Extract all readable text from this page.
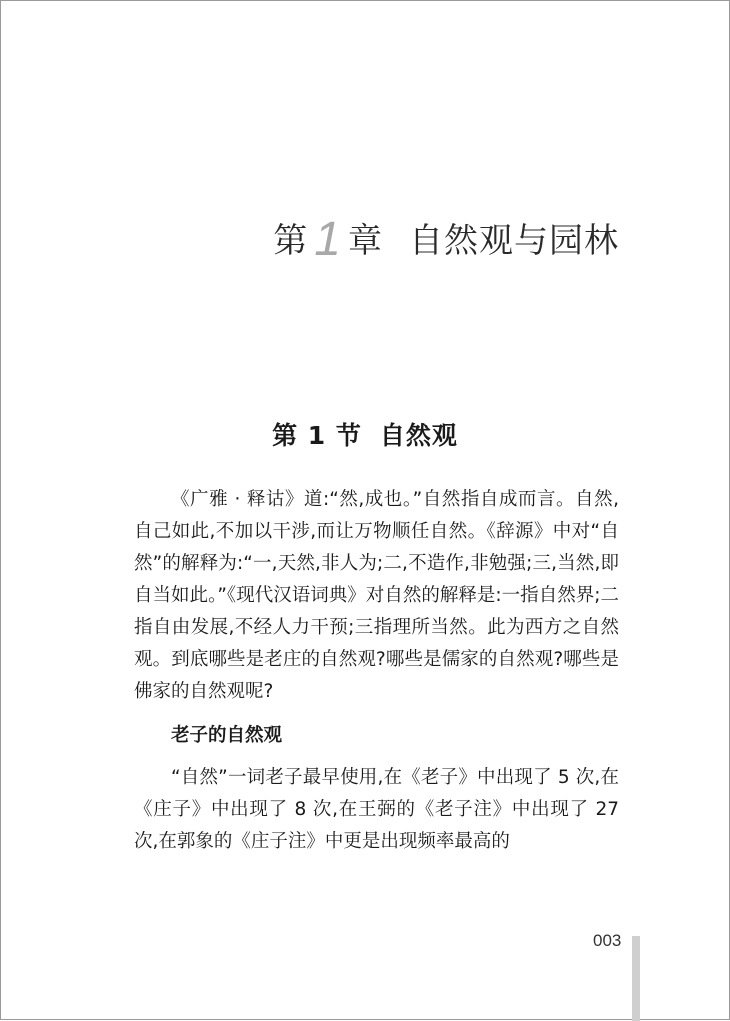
第 1 章 自然观与园林
第 1 节 自然观

《广雅 · 释诂》道:“然,成也。”自然指自成而言。自然,自己如此,不加以干涉,而让万物顺任自然。《辞源》中对“自然”的解释为:“一,天然,非人为;二,不造作,非勉强;三,当然,即自当如此。”《现代汉语词典》对自然的解释是:一指自然界;二指自由发展,不经人力干预;三指理所当然。此为西方之自然观。到底哪些是老庄的自然观?哪些是儒家的自然观?哪些是佛家的自然观呢?

老子的自然观

“自然”一词老子最早使用,在《老子》中出现了 5 次,在《庄子》中出现了 8 次,在王弼的《老子注》中出现了 27 次,在郭象的《庄子注》中更是出现频率最高的

003
